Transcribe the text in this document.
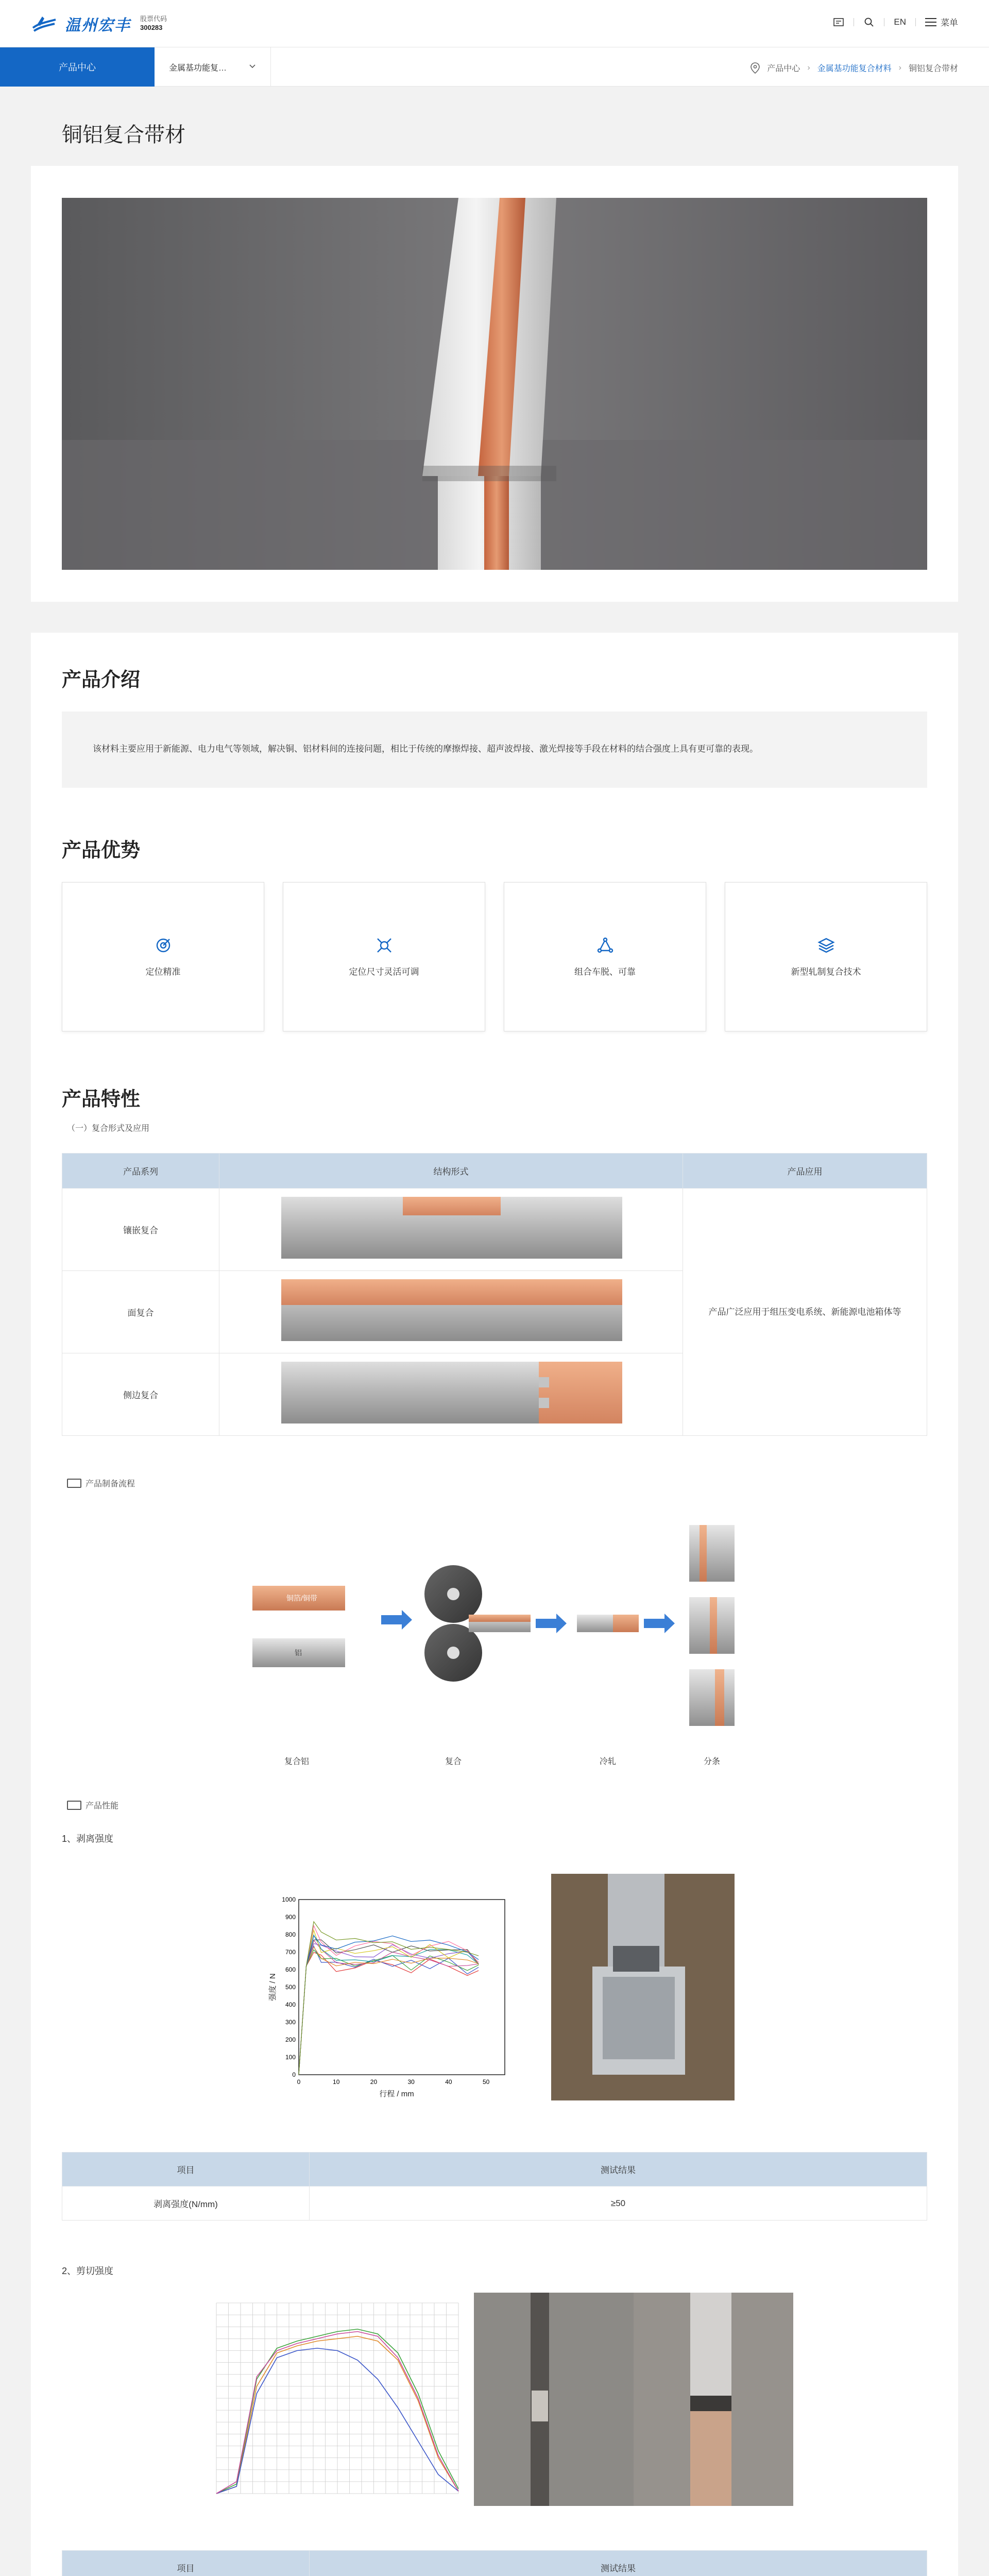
温州宏丰 股票代码
300283
EN	菜单
产品中心	金属基功能复…	产品中心 › 金属基功能复合材料 › 铜铝复合带材
铜铝复合带材
产品介绍
该材料主要应用于新能源、电力电气等领域，解决铜、铝材料间的连接问题，相比于传统的摩擦焊接、超声波焊接、激光焊接等手段在材料的结合强度上具有更可靠的表现。
产品优势
定位精准	定位尺寸灵活可调	组合车脱、可靠	新型轧制复合技术
产品特性
（一）复合形式及应用
产品系列	结构形式	产品应用
镶嵌复合		产品广泛应用于组压变电系统、新能源电池箱体等
面复合	

侧边复合	
产品制备流程
铜箔/铜带
铝
复合铝	复合	冷轧	分条
产品性能
1、剥离强度
0	10	20	30	40	50
0
100
200
300
400
500
600
700
800
900
1000
行程 / mm
强度 / N
项目	测试结果
剥离强度(N/mm)	≥50
2、剪切强度
项目	测试结果
